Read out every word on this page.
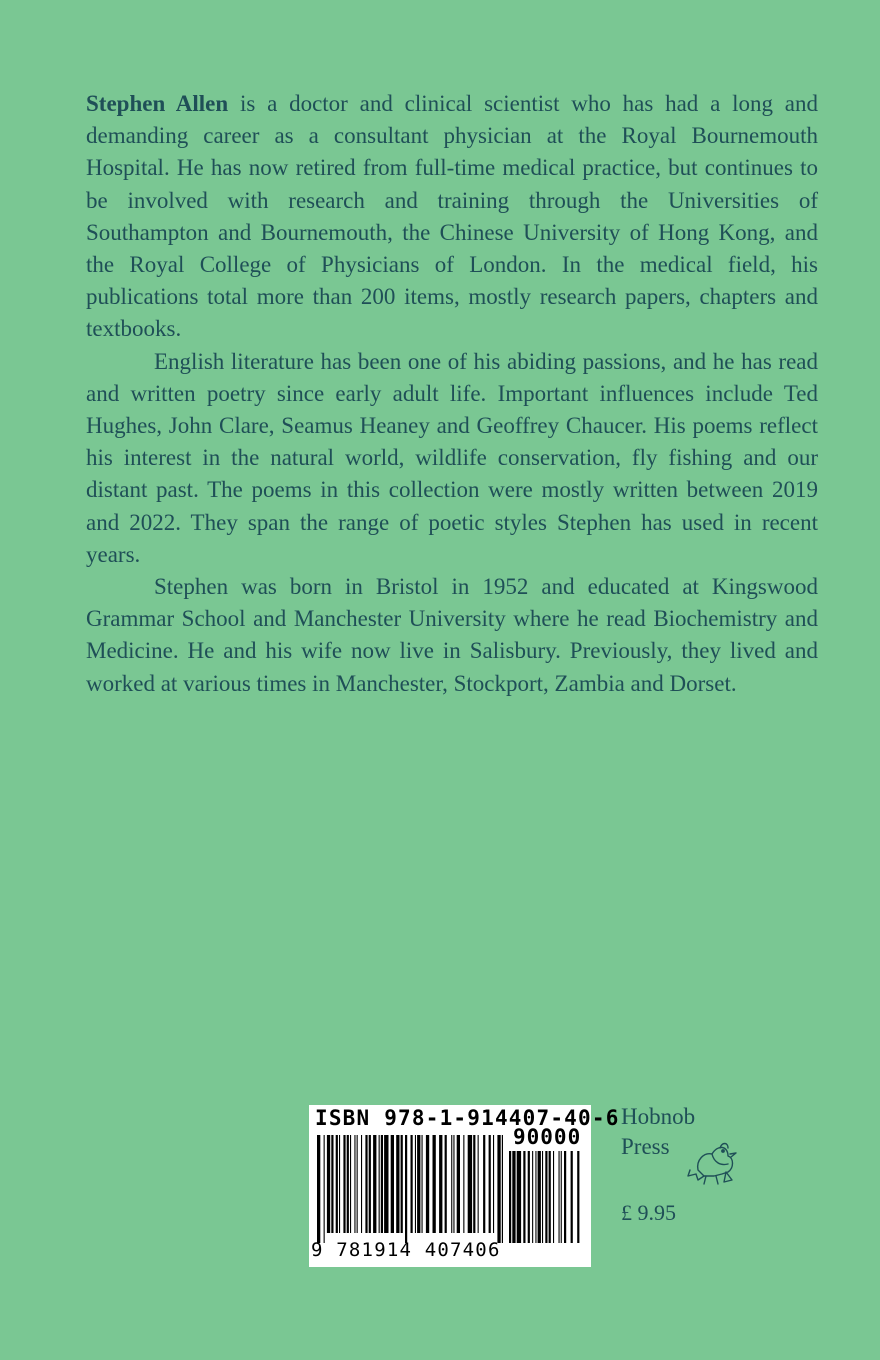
Stephen Allen is a doctor and clinical scientist who has had a long and demanding career as a consultant physician at the Royal Bournemouth Hospital. He has now retired from full-time medical practice, but continues to be involved with research and training through the Universities of Southampton and Bournemouth, the Chinese University of Hong Kong, and the Royal College of Physicians of London. In the medical field, his publications total more than 200 items, mostly research papers, chapters and textbooks.

English literature has been one of his abiding passions, and he has read and written poetry since early adult life. Important influences include Ted Hughes, John Clare, Seamus Heaney and Geoffrey Chaucer. His poems reflect his interest in the natural world, wildlife conservation, fly fishing and our distant past. The poems in this collection were mostly written between 2019 and 2022. They span the range of poetic styles Stephen has used in recent years.

Stephen was born in Bristol in 1952 and educated at Kingswood Grammar School and Manchester University where he read Biochemistry and Medicine. He and his wife now live in Salisbury. Previously, they lived and worked at various times in Manchester, Stockport, Zambia and Dorset.

ISBN 978-1-914407-40-6
90000
9 781914 407406
Hobnob
Press
£ 9.95
